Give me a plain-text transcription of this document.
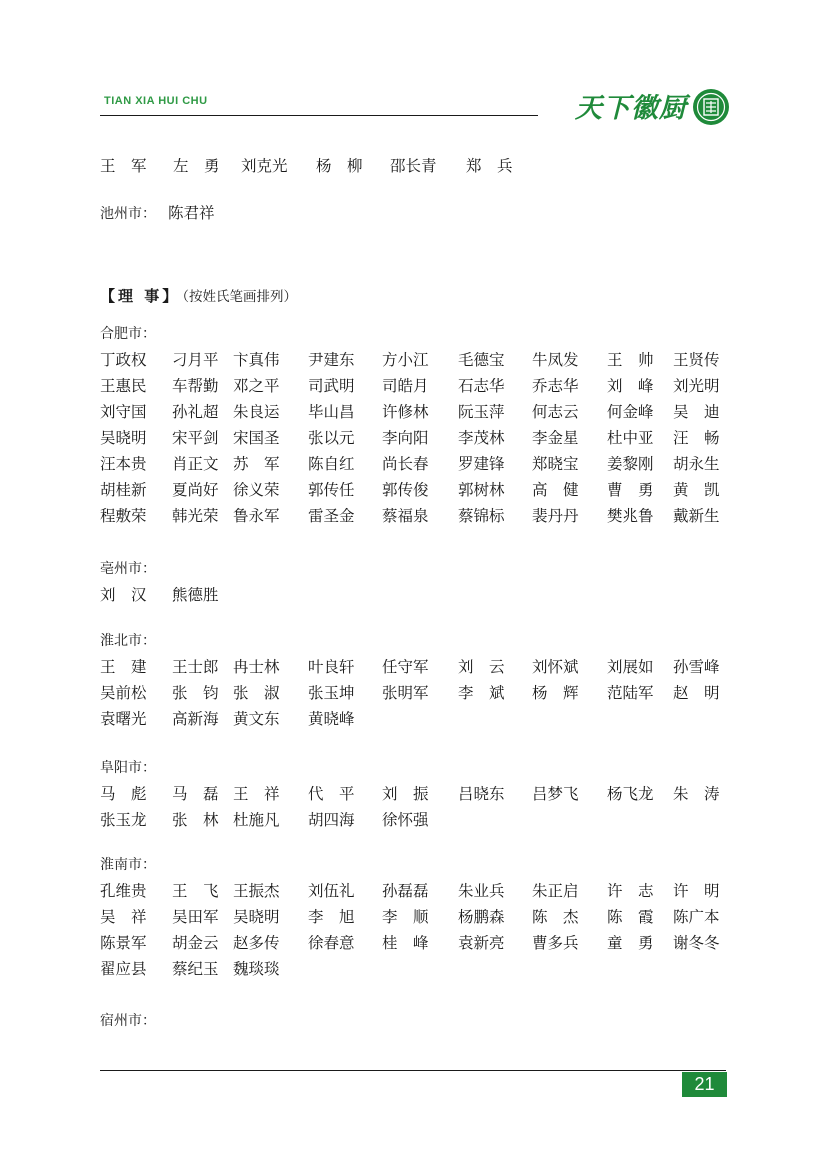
TIAN XIA HUI CHU	天下徽厨
王　军 左　勇 刘克光 杨　柳 邵长青 郑　兵
池州市： 陈君祥
【理 事】 （按姓氏笔画排列）
合肥市：
丁政权 刁月平 卞真伟 尹建东 方小江 毛德宝 牛凤发 王　帅 王贤传
王惠民 车帮勤 邓之平 司武明 司皓月 石志华 乔志华 刘　峰 刘光明
刘守国 孙礼超 朱良运 毕山昌 许修林 阮玉萍 何志云 何金峰 吴　迪
吴晓明 宋平剑 宋国圣 张以元 李向阳 李茂林 李金星 杜中亚 汪　畅
汪本贵 肖正文 苏　军 陈自红 尚长春 罗建锋 郑晓宝 姜黎刚 胡永生
胡桂新 夏尚好 徐义荣 郭传任 郭传俊 郭树林 高　健 曹　勇 黄　凯
程敷荣 韩光荣 鲁永军 雷圣金 蔡福泉 蔡锦标 裴丹丹 樊兆鲁 戴新生
亳州市：
刘　汉 熊德胜
淮北市：
王　建 王士郎 冉士林 叶良轩 任守军 刘　云 刘怀斌 刘展如 孙雪峰
吴前松 张　钧 张　淑 张玉坤 张明军 李　斌 杨　辉 范陆军 赵　明
袁曙光 高新海 黄文东 黄晓峰
阜阳市：
马　彪 马　磊 王　祥 代　平 刘　振 吕晓东 吕梦飞 杨飞龙 朱　涛
张玉龙 张　林 杜施凡 胡四海 徐怀强
淮南市：
孔维贵 王　飞 王振杰 刘伍礼 孙磊磊 朱业兵 朱正启 许　志 许　明
吴　祥 吴田军 吴晓明 李　旭 李　顺 杨鹏森 陈　杰 陈　霞 陈广本
陈景军 胡金云 赵多传 徐春意 桂　峰 袁新亮 曹多兵 童　勇 谢冬冬
翟应县 蔡纪玉 魏琰琰
宿州市：
21
